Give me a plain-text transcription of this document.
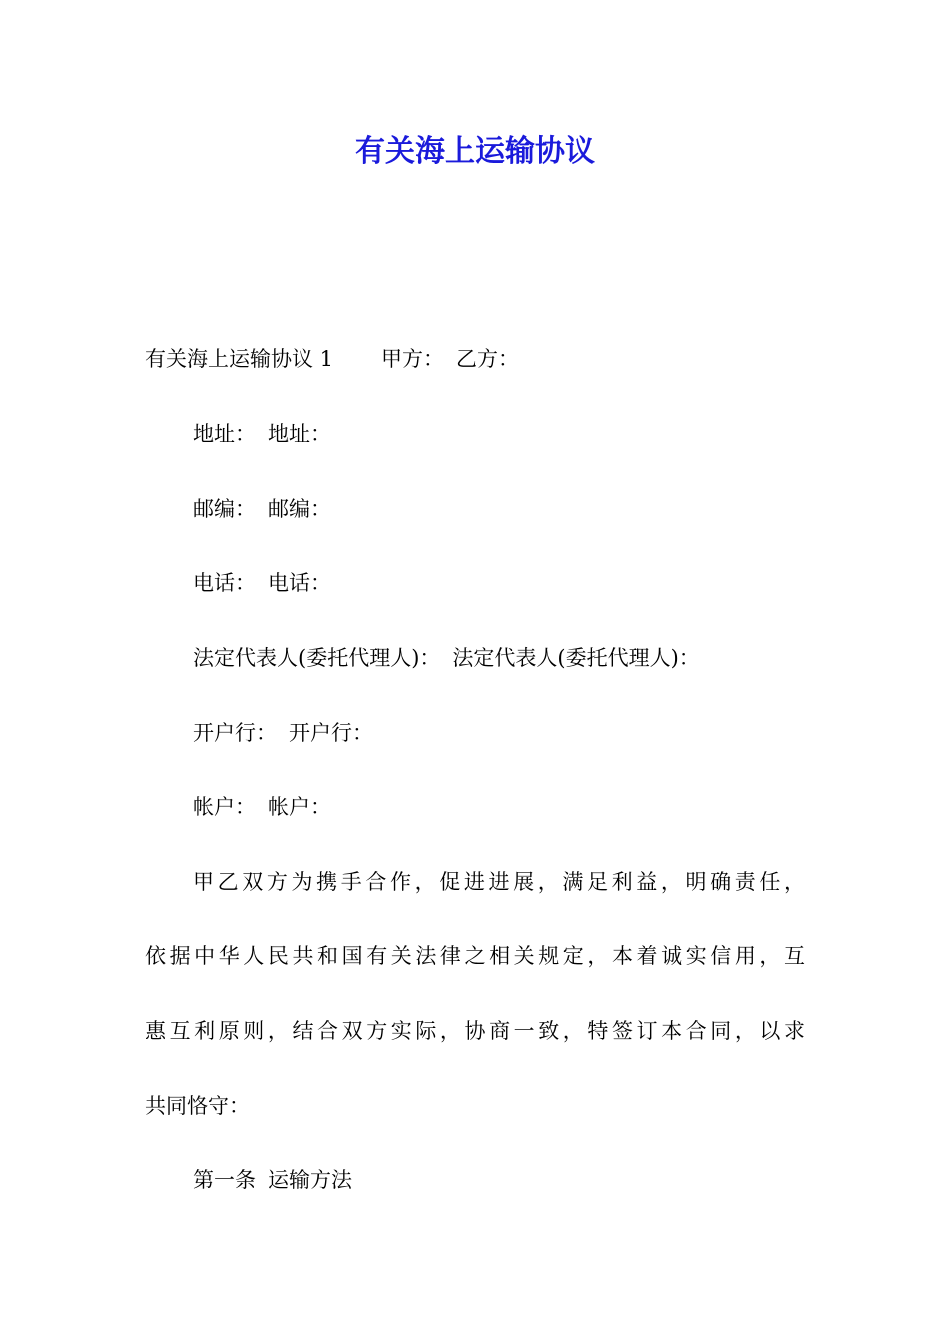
有关海上运输协议
有关海上运输协议 1 甲方： 乙方：
地址： 地址：
邮编： 邮编：
电话： 电话：
法定代表人(委托代理人)： 法定代表人(委托代理人)：
开户行： 开户行：
帐户： 帐户：
甲乙双方为携手合作，促进进展，满足利益，明确责任，
依据中华人民共和国有关法律之相关规定，本着诚实信用，互
惠互利原则，结合双方实际，协商一致，特签订本合同，以求
共同恪守：
第一条 运输方法
